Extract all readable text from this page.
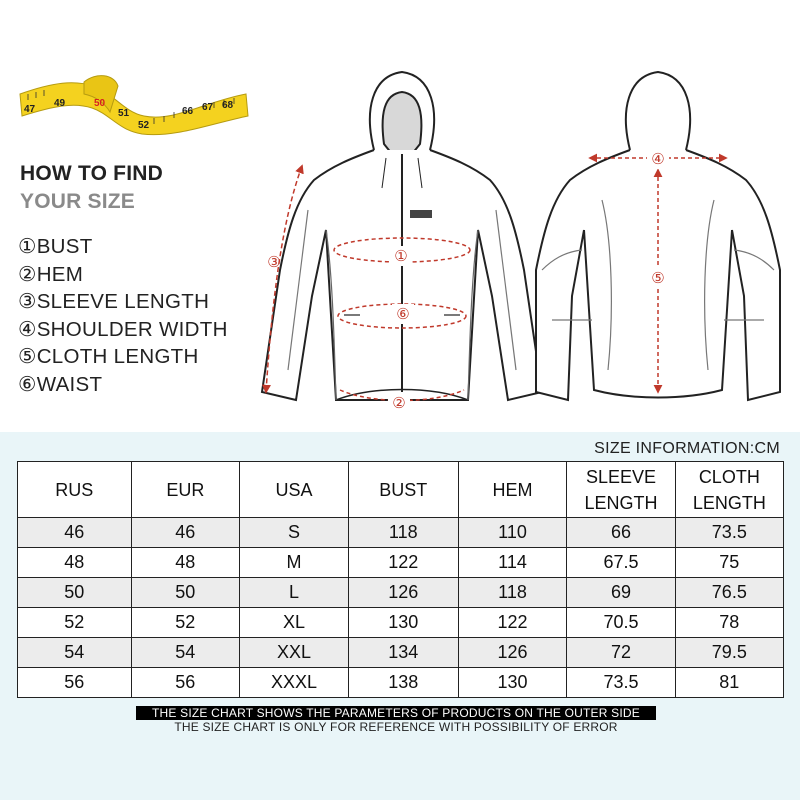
47
49	50
51
52
66 67 68
HOW TO FIND
YOUR SIZE
①BUST
②HEM
③SLEEVE LENGTH
④SHOULDER WIDTH
⑤CLOTH LENGTH
⑥WAIST
①
②
③
④
⑤
⑥
SIZE INFORMATION:CM
RUS	EUR	USA	BUST	HEM	SLEEVE LENGTH	CLOTH LENGTH
46	46	S	118	110	66	73.5
48	48	M	122	114	67.5	75
50	50	L	126	118	69	76.5
52	52	XL	130	122	70.5	78
54	54	XXL	134	126	72	79.5
56	56	XXXL	138	130	73.5	81
THE SIZE CHART SHOWS THE PARAMETERS OF PRODUCTS ON THE OUTER SIDE
THE SIZE CHART IS ONLY FOR REFERENCE WITH POSSIBILITY OF ERROR
